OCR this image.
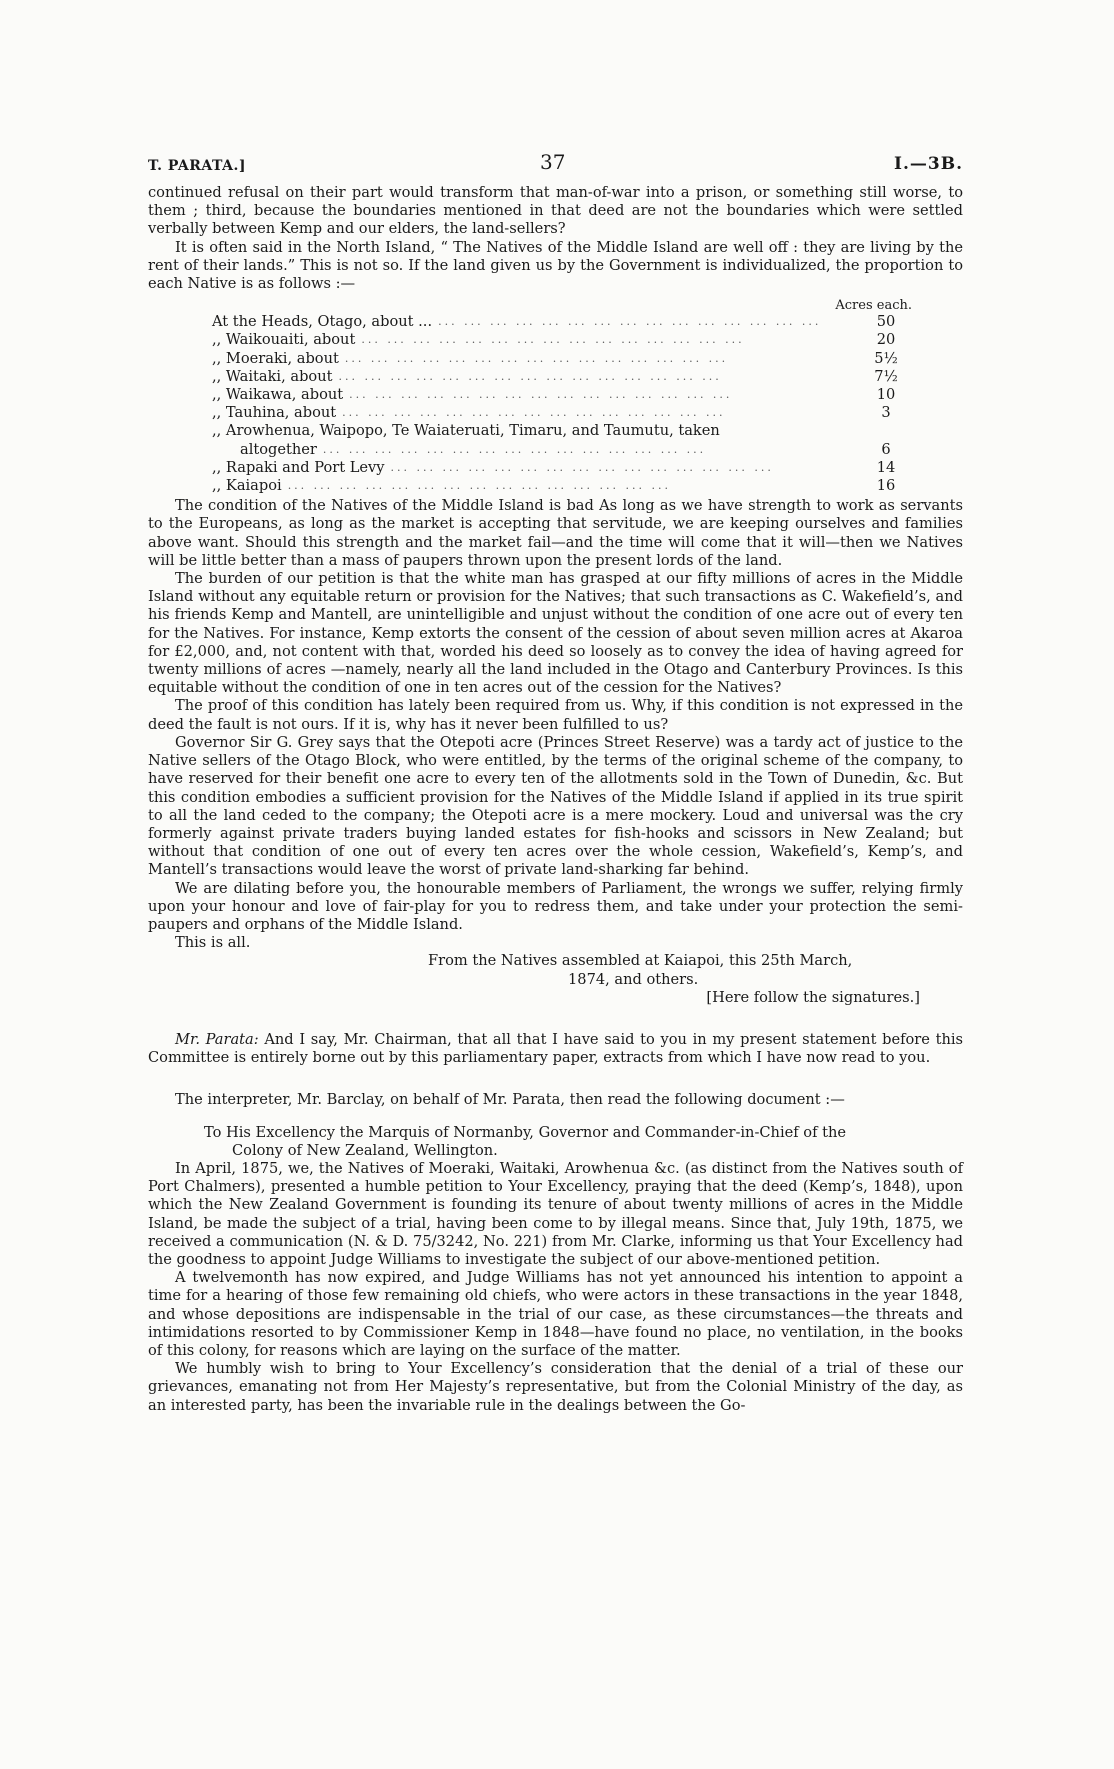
T. PARATA.]	37	I.—3B.

continued refusal on their part would transform that man-of-war into a prison, or something still worse, to them ; third, because the boundaries mentioned in that deed are not the boundaries which were settled verbally between Kemp and our elders, the land-sellers?

It is often said in the North Island, “ The Natives of the Middle Island are well off : they are living by the rent of their lands.” This is not so. If the land given us by the Government is individualized, the proportion to each Native is as follows :—

Acres each.
At the Heads, Otago, about ... ... ... ... ... ... ... ... ... ... ... ... ... ... ... ...	50
,, Waikouaiti, about ... ... ... ... ... ... ... ... ... ... ... ... ... ... ...	20
,, Moeraki, about ... ... ... ... ... ... ... ... ... ... ... ... ... ... ...	5½
,, Waitaki, about ... ... ... ... ... ... ... ... ... ... ... ... ... ... ...	7½
,, Waikawa, about ... ... ... ... ... ... ... ... ... ... ... ... ... ... ...	10
,, Tauhina, about ... ... ... ... ... ... ... ... ... ... ... ... ... ... ...	3
,, Arowhenua, Waipopo, Te Waiateruati, Timaru, and Taumutu, taken
altogether ... ... ... ... ... ... ... ... ... ... ... ... ... ... ...	6
,, Rapaki and Port Levy ... ... ... ... ... ... ... ... ... ... ... ... ... ... ...	14
,, Kaiapoi ... ... ... ... ... ... ... ... ... ... ... ... ... ... ...	16

The condition of the Natives of the Middle Island is bad As long as we have strength to work as servants to the Europeans, as long as the market is accepting that servitude, we are keeping ourselves and families above want. Should this strength and the market fail—and the time will come that it will—then we Natives will be little better than a mass of paupers thrown upon the present lords of the land.

The burden of our petition is that the white man has grasped at our fifty millions of acres in the Middle Island without any equitable return or provision for the Natives; that such transactions as C. Wakefield’s, and his friends Kemp and Mantell, are unintelligible and unjust without the condition of one acre out of every ten for the Natives. For instance, Kemp extorts the consent of the cession of about seven million acres at Akaroa for £2,000, and, not content with that, worded his deed so loosely as to convey the idea of having agreed for twenty millions of acres —namely, nearly all the land included in the Otago and Canterbury Provinces. Is this equitable without the condition of one in ten acres out of the cession for the Natives?

The proof of this condition has lately been required from us. Why, if this condition is not expressed in the deed the fault is not ours. If it is, why has it never been fulfilled to us?

Governor Sir G. Grey says that the Otepoti acre (Princes Street Reserve) was a tardy act of justice to the Native sellers of the Otago Block, who were entitled, by the terms of the original scheme of the company, to have reserved for their benefit one acre to every ten of the allotments sold in the Town of Dunedin, &c. But this condition embodies a sufficient provision for the Natives of the Middle Island if applied in its true spirit to all the land ceded to the company; the Otepoti acre is a mere mockery. Loud and universal was the cry formerly against private traders buying landed estates for fish-hooks and scissors in New Zealand; but without that condition of one out of every ten acres over the whole cession, Wakefield’s, Kemp’s, and Mantell’s transactions would leave the worst of private land-sharking far behind.

We are dilating before you, the honourable members of Parliament, the wrongs we suffer, relying firmly upon your honour and love of fair-play for you to redress them, and take under your protection the semi-paupers and orphans of the Middle Island.

This is all.

From the Natives assembled at Kaiapoi, this 25th March,

1874, and others.

[Here follow the signatures.]

Mr. Parata: And I say, Mr. Chairman, that all that I have said to you in my present statement before this Committee is entirely borne out by this parliamentary paper, extracts from which I have now read to you.

The interpreter, Mr. Barclay, on behalf of Mr. Parata, then read the following document :—

To His Excellency the Marquis of Normanby, Governor and Commander-in-Chief of the

Colony of New Zealand, Wellington.

In April, 1875, we, the Natives of Moeraki, Waitaki, Arowhenua &c. (as distinct from the Natives south of Port Chalmers), presented a humble petition to Your Excellency, praying that the deed (Kemp’s, 1848), upon which the New Zealand Government is founding its tenure of about twenty millions of acres in the Middle Island, be made the subject of a trial, having been come to by illegal means. Since that, July 19th, 1875, we received a communication (N. & D. 75/3242, No. 221) from Mr. Clarke, informing us that Your Excellency had the goodness to appoint Judge Williams to investigate the subject of our above-mentioned petition.

A twelvemonth has now expired, and Judge Williams has not yet announced his intention to appoint a time for a hearing of those few remaining old chiefs, who were actors in these transactions in the year 1848, and whose depositions are indispensable in the trial of our case, as these circumstances—the threats and intimidations resorted to by Commissioner Kemp in 1848—have found no place, no ventilation, in the books of this colony, for reasons which are laying on the surface of the matter.

We humbly wish to bring to Your Excellency’s consideration that the denial of a trial of these our grievances, emanating not from Her Majesty’s representative, but from the Colonial Ministry of the day, as an interested party, has been the invariable rule in the dealings between the Go-
